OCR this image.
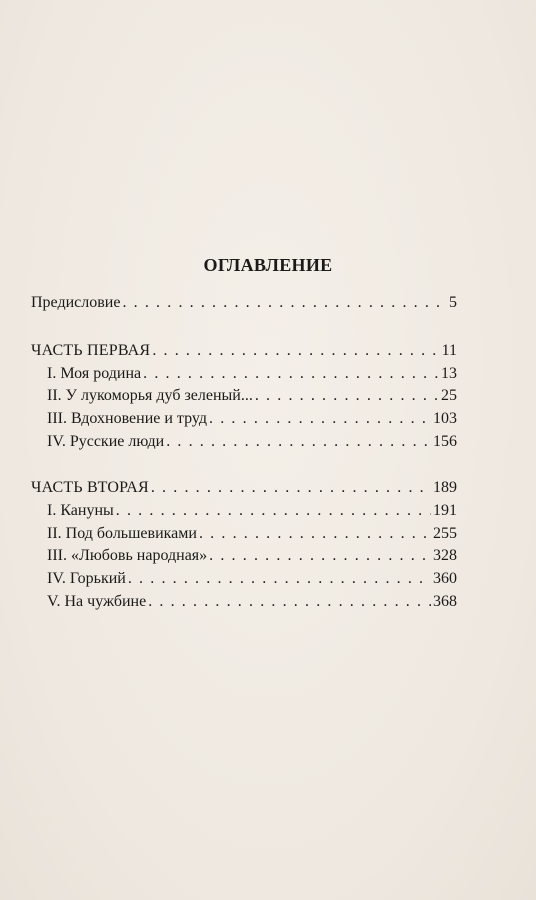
ОГЛАВЛЕНИЕ
Предисловие . . .	5
ЧАСТЬ ПЕРВАЯ . . .	11
I. Моя родина . . .	13
II. У лукоморья дуб зеленый... . . .	25
III. Вдохновение и труд . . .	103
IV. Русские люди . . .	156
ЧАСТЬ ВТОРАЯ . . .	189
I. Кануны . . .	191
II. Под большевиками . . .	255
III. «Любовь народная» . . .	328
IV. Горький . . .	360
V. На чужбине . . .	368
